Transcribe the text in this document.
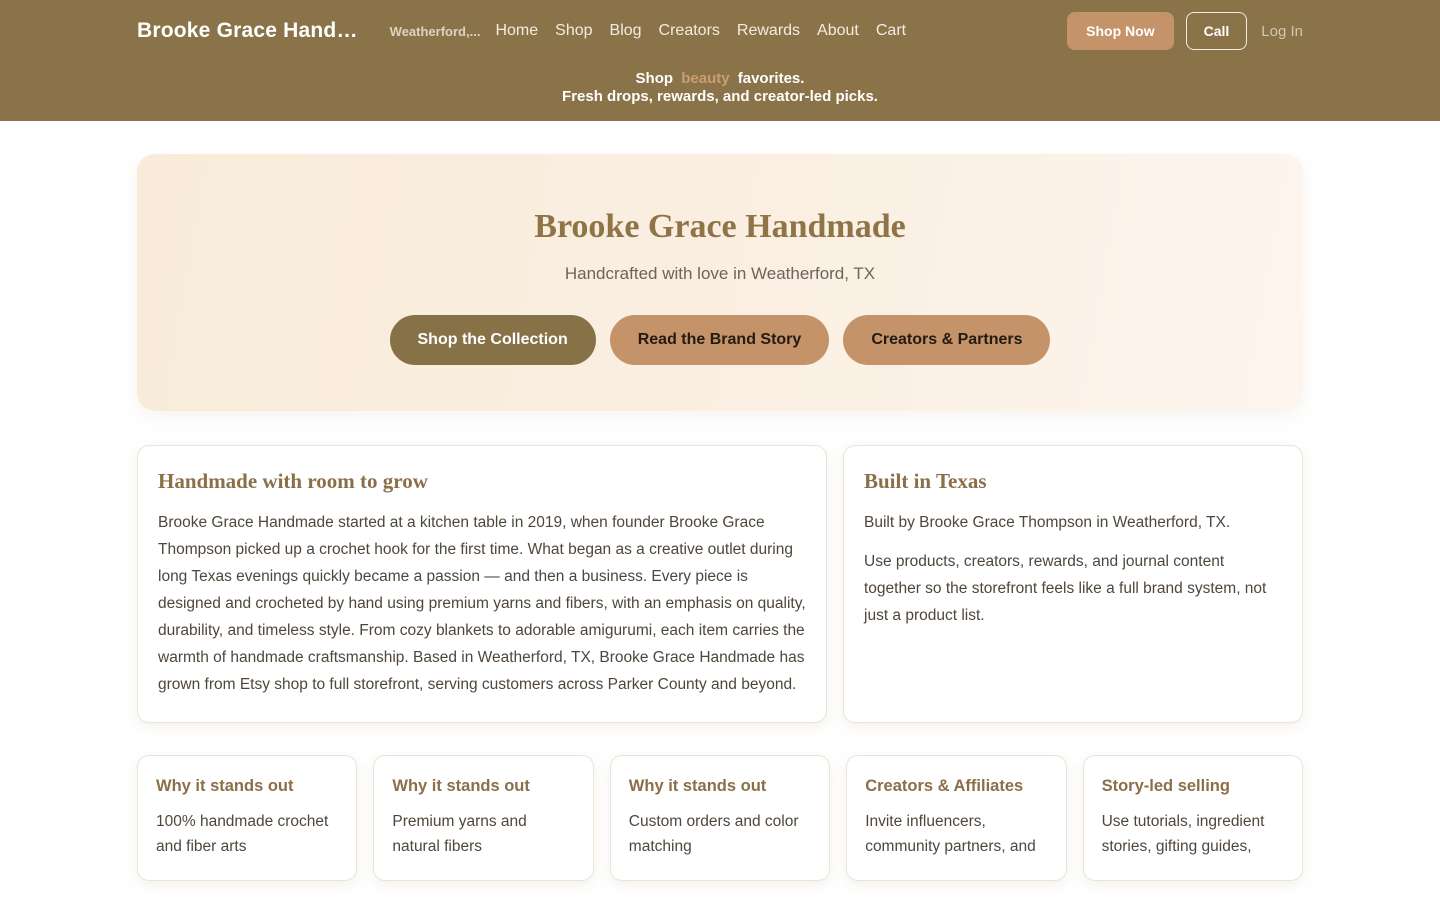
Brooke Grace Hand… Weatherford,... Home Shop Blog Creators Rewards About Cart	Shop Now	Call	Log In
Shop beauty favorites.
Fresh drops, rewards, and creator-led picks.
Brooke Grace Handmade
Handcrafted with love in Weatherford, TX
Shop the Collection	Read the Brand Story	Creators & Partners
Handmade with room to grow

Brooke Grace Handmade started at a kitchen table in 2019, when founder Brooke Grace Thompson picked up a crochet hook for the first time. What began as a creative outlet during long Texas evenings quickly became a passion — and then a business. Every piece is designed and crocheted by hand using premium yarns and fibers, with an emphasis on quality, durability, and timeless style. From cozy blankets to adorable amigurumi, each item carries the warmth of handmade craftsmanship. Based in Weatherford, TX, Brooke Grace Handmade has grown from Etsy shop to full storefront, serving customers across Parker County and beyond.

Built in Texas

Built by Brooke Grace Thompson in Weatherford, TX.

Use products, creators, rewards, and journal content together so the storefront feels like a full brand system, not just a product list.

Why it stands out

100% handmade crochet and fiber arts

Why it stands out

Premium yarns and natural fibers

Why it stands out

Custom orders and color matching

Creators & Affiliates

Invite influencers, community partners, and

Story-led selling

Use tutorials, ingredient stories, gifting guides,
